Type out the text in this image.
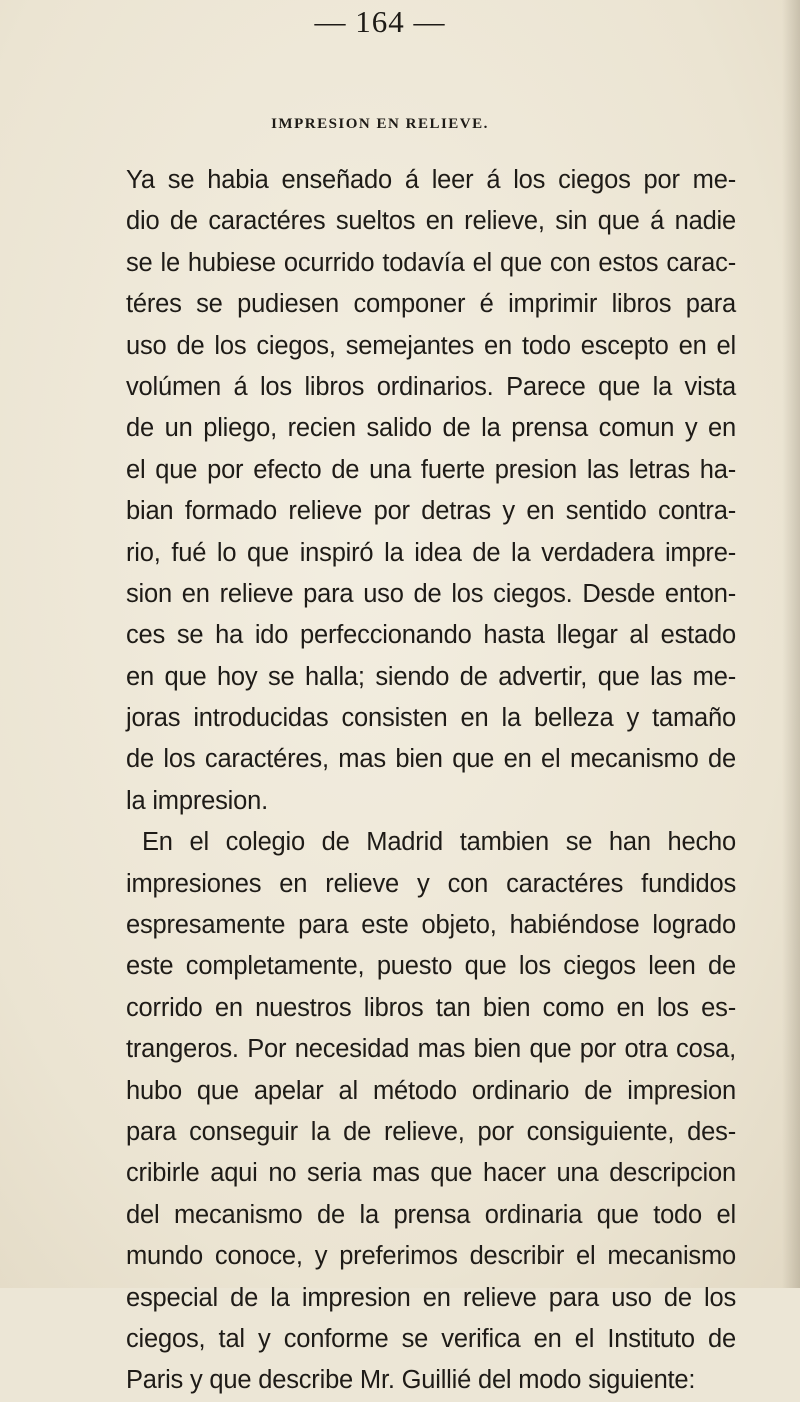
— 164 —
IMPRESION EN RELIEVE.
Ya se habia enseñado á leer á los ciegos por me-
dio de caractéres sueltos en relieve, sin que á nadie
se le hubiese ocurrido todavía el que con estos carac-
téres se pudiesen componer é imprimir libros para
uso de los ciegos, semejantes en todo escepto en el
volúmen á los libros ordinarios. Parece que la vista
de un pliego, recien salido de la prensa comun y en
el que por efecto de una fuerte presion las letras ha-
bian formado relieve por detras y en sentido contra-
rio, fué lo que inspiró la idea de la verdadera impre-
sion en relieve para uso de los ciegos. Desde enton-
ces se ha ido perfeccionando hasta llegar al estado
en que hoy se halla; siendo de advertir, que las me-
joras introducidas consisten en la belleza y tamaño
de los caractéres, mas bien que en el mecanismo de
la impresion.
En el colegio de Madrid tambien se han hecho
impresiones en relieve y con caractéres fundidos
espresamente para este objeto, habiéndose logrado
este completamente, puesto que los ciegos leen de
corrido en nuestros libros tan bien como en los es-
trangeros. Por necesidad mas bien que por otra cosa,
hubo que apelar al método ordinario de impresion
para conseguir la de relieve, por consiguiente, des-
cribirle aqui no seria mas que hacer una descripcion
del mecanismo de la prensa ordinaria que todo el
mundo conoce, y preferimos describir el mecanismo
especial de la impresion en relieve para uso de los
ciegos, tal y conforme se verifica en el Instituto de
Paris y que describe Mr. Guillié del modo siguiente:
